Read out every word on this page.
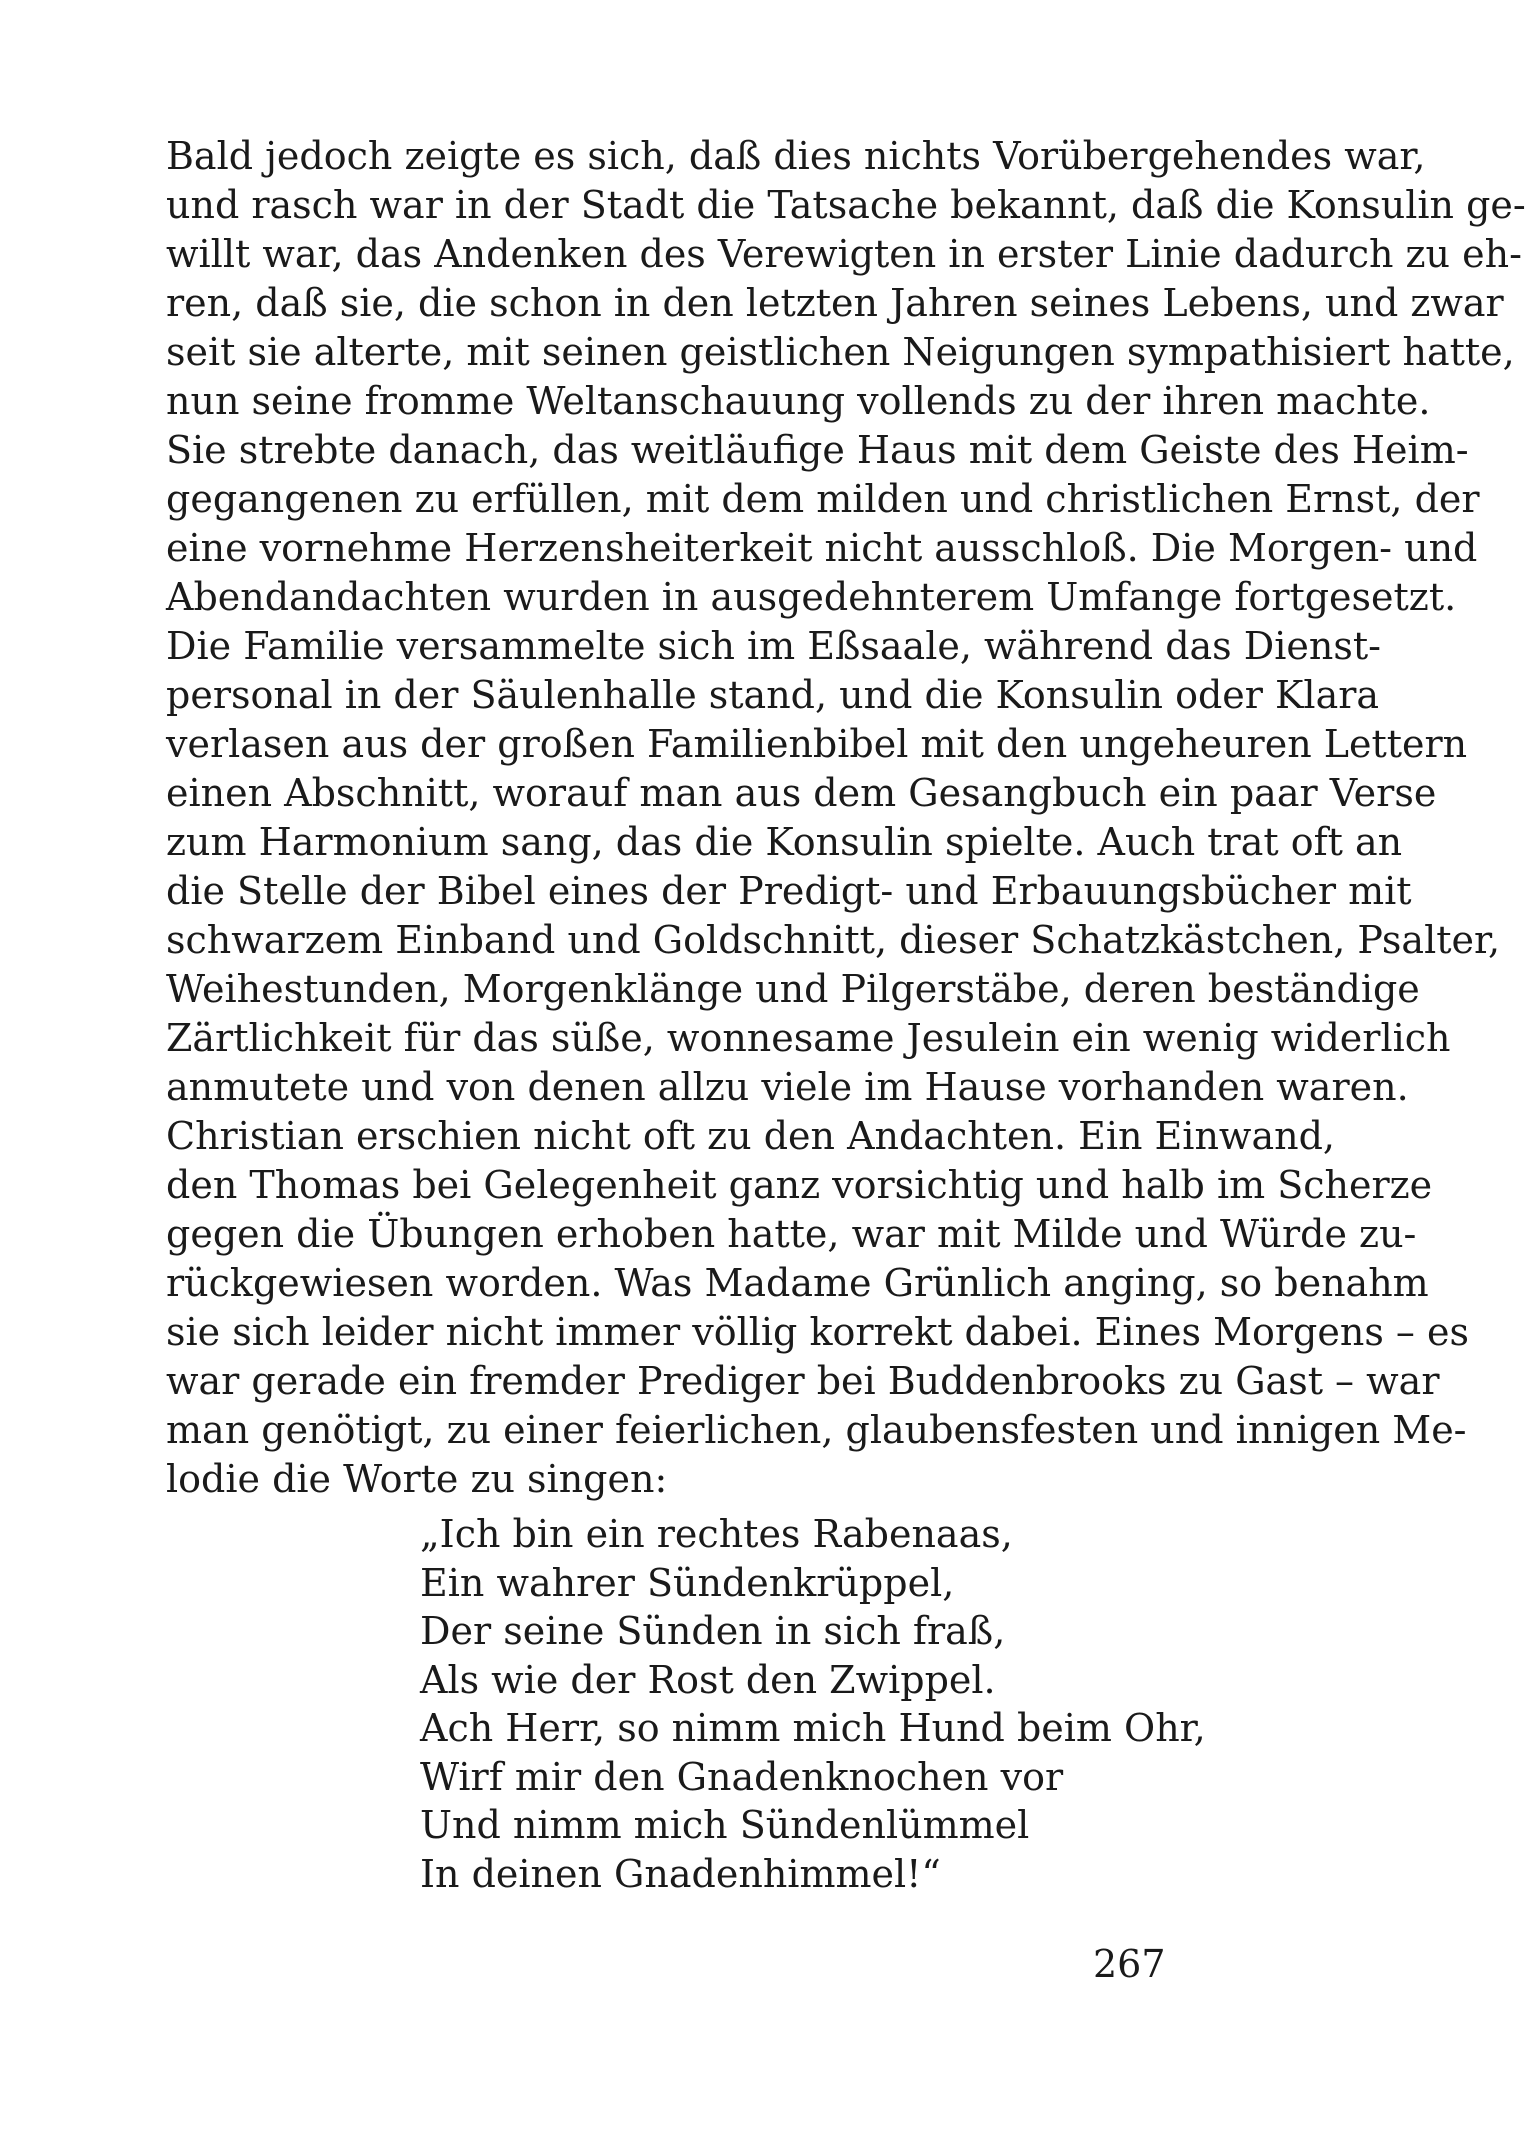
Bald jedoch zeigte es sich, daß dies nichts Vorübergehendes war,
und rasch war in der Stadt die Tatsache bekannt, daß die Konsulin ge-
willt war, das Andenken des Verewigten in erster Linie dadurch zu eh-
ren, daß sie, die schon in den letzten Jahren seines Lebens, und zwar
seit sie alterte, mit seinen geistlichen Neigungen sympathisiert hatte,
nun seine fromme Weltanschauung vollends zu der ihren machte.
Sie strebte danach, das weitläufige Haus mit dem Geiste des Heim-
gegangenen zu erfüllen, mit dem milden und christlichen Ernst, der
eine vornehme Herzensheiterkeit nicht ausschloß. Die Morgen- und
Abendandachten wurden in ausgedehnterem Umfange fortgesetzt.
Die Familie versammelte sich im Eßsaale, während das Dienst-
personal in der Säulenhalle stand, und die Konsulin oder Klara
verlasen aus der großen Familienbibel mit den ungeheuren Lettern
einen Abschnitt, worauf man aus dem Gesangbuch ein paar Verse
zum Harmonium sang, das die Konsulin spielte. Auch trat oft an
die Stelle der Bibel eines der Predigt- und Erbauungsbücher mit
schwarzem Einband und Goldschnitt, dieser Schatzkästchen, Psalter,
Weihestunden, Morgenklänge und Pilgerstäbe, deren beständige
Zärtlichkeit für das süße, wonnesame Jesulein ein wenig widerlich
anmutete und von denen allzu viele im Hause vorhanden waren.
Christian erschien nicht oft zu den Andachten. Ein Einwand,
den Thomas bei Gelegenheit ganz vorsichtig und halb im Scherze
gegen die Übungen erhoben hatte, war mit Milde und Würde zu-
rückgewiesen worden. Was Madame Grünlich anging, so benahm
sie sich leider nicht immer völlig korrekt dabei. Eines Morgens – es
war gerade ein fremder Prediger bei Buddenbrooks zu Gast – war
man genötigt, zu einer feierlichen, glaubensfesten und innigen Me-
lodie die Worte zu singen:
„Ich bin ein rechtes Rabenaas,
Ein wahrer Sündenkrüppel,
Der seine Sünden in sich fraß,
Als wie der Rost den Zwippel.
Ach Herr, so nimm mich Hund beim Ohr,
Wirf mir den Gnadenknochen vor
Und nimm mich Sündenlümmel
In deinen Gnadenhimmel!“
267
